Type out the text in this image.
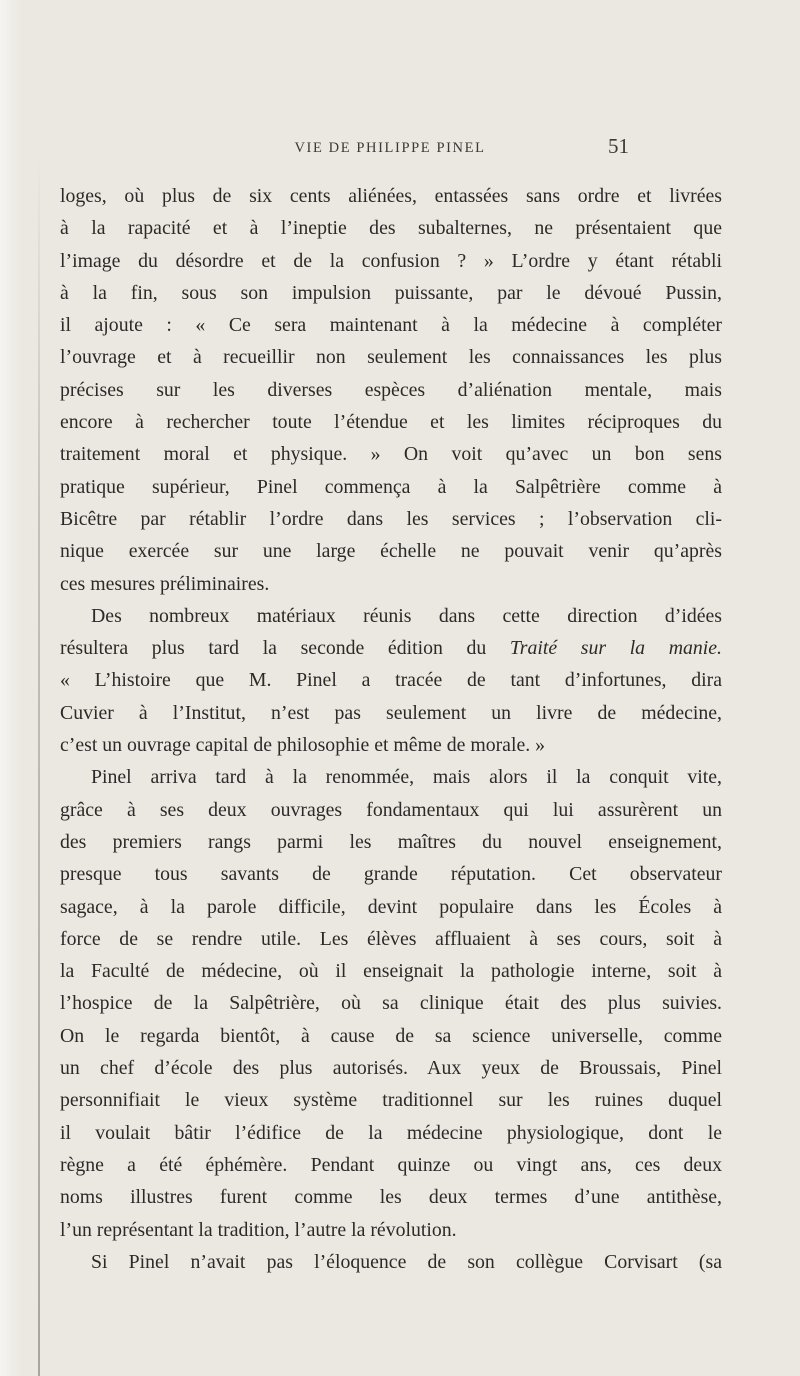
VIE DE PHILIPPE PINEL	51
loges, où plus de six cents aliénées, entassées sans ordre et livrées
à la rapacité et à l’ineptie des subalternes, ne présentaient que
l’image du désordre et de la confusion ? » L’ordre y étant rétabli
à la fin, sous son impulsion puissante, par le dévoué Pussin,
il ajoute : « Ce sera maintenant à la médecine à compléter
l’ouvrage et à recueillir non seulement les connaissances les plus
précises sur les diverses espèces d’aliénation mentale, mais
encore à rechercher toute l’étendue et les limites réciproques du
traitement moral et physique. » On voit qu’avec un bon sens
pratique supérieur, Pinel commença à la Salpêtrière comme à
Bicêtre par rétablir l’ordre dans les services ; l’observation cli-
nique exercée sur une large échelle ne pouvait venir qu’après
ces mesures préliminaires.
Des nombreux matériaux réunis dans cette direction d’idées
résultera plus tard la seconde édition du Traité sur la manie.
« L’histoire que M. Pinel a tracée de tant d’infortunes, dira
Cuvier à l’Institut, n’est pas seulement un livre de médecine,
c’est un ouvrage capital de philosophie et même de morale. »
Pinel arriva tard à la renommée, mais alors il la conquit vite,
grâce à ses deux ouvrages fondamentaux qui lui assurèrent un
des premiers rangs parmi les maîtres du nouvel enseignement,
presque tous savants de grande réputation. Cet observateur
sagace, à la parole difficile, devint populaire dans les Écoles à
force de se rendre utile. Les élèves affluaient à ses cours, soit à
la Faculté de médecine, où il enseignait la pathologie interne, soit à
l’hospice de la Salpêtrière, où sa clinique était des plus suivies.
On le regarda bientôt, à cause de sa science universelle, comme
un chef d’école des plus autorisés. Aux yeux de Broussais, Pinel
personnifiait le vieux système traditionnel sur les ruines duquel
il voulait bâtir l’édifice de la médecine physiologique, dont le
règne a été éphémère. Pendant quinze ou vingt ans, ces deux
noms illustres furent comme les deux termes d’une antithèse,
l’un représentant la tradition, l’autre la révolution.
Si Pinel n’avait pas l’éloquence de son collègue Corvisart (sa
